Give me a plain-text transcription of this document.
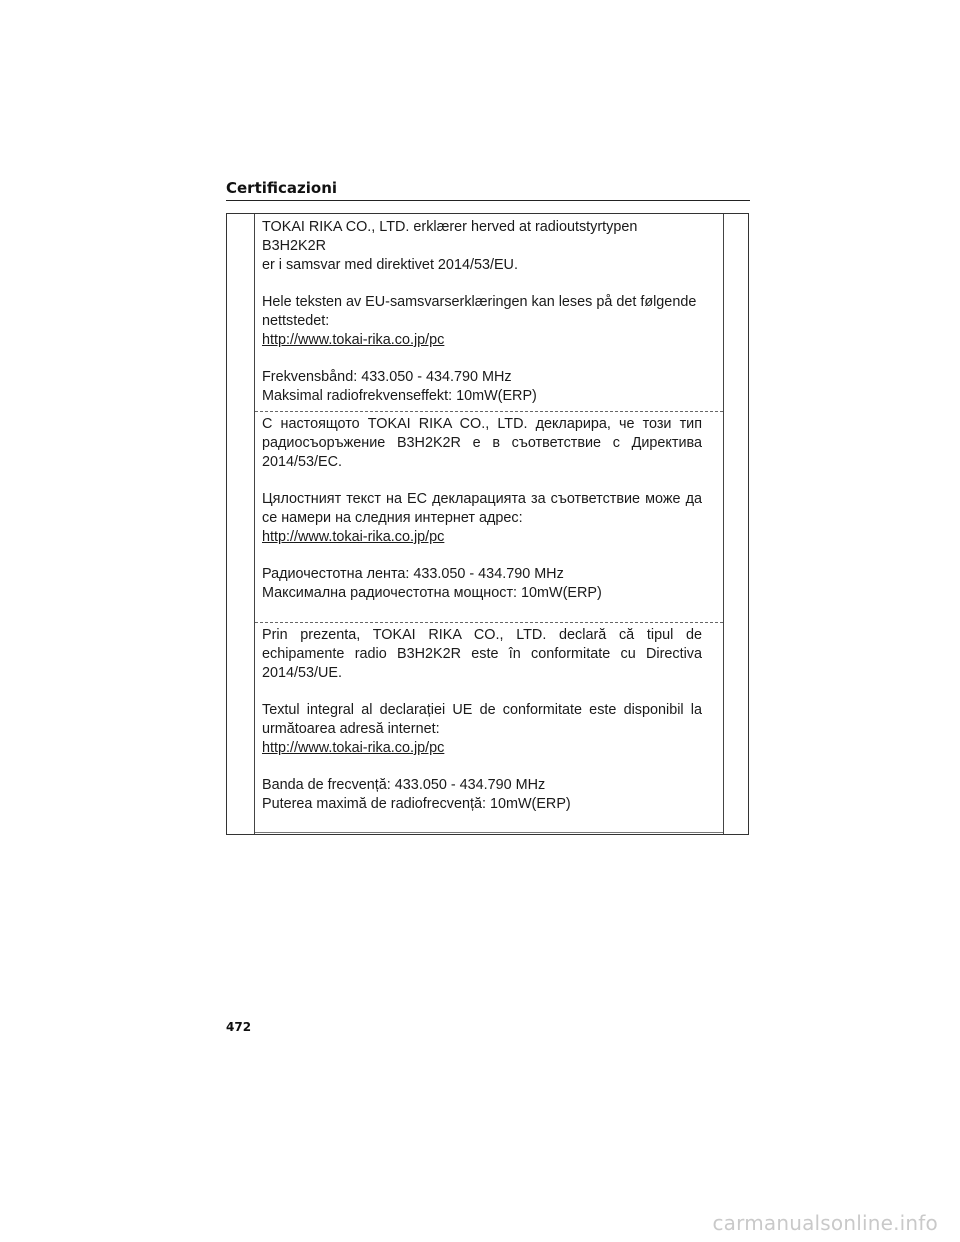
Certificazioni

TOKAI RIKA CO., LTD. erklærer herved at radioutstyrtypen B3H2K2R
er i samsvar med direktivet 2014/53/EU.

Hele teksten av EU-samsvarserklæringen kan leses på det følgende
nettstedet:
http://www.tokai-rika.co.jp/pc

Frekvensbånd: 433.050 - 434.790 MHz
Maksimal radiofrekvenseffekt: 10mW(ERP)

С настоящото TOKAI RIKA CO., LTD. декларира, че този тип
радиосъоръжение B3H2K2R е в съответствие с Директива
2014/53/ЕС.

Цялостният текст на ЕС декларацията за съответствие може да
се намери на следния интернет адрес:
http://www.tokai-rika.co.jp/pc

Радиочестотна лента: 433.050 - 434.790 MHz
Максимална радиочестотна мощност: 10mW(ERP)

Prin prezenta, TOKAI RIKA CO., LTD. declară că tipul de
echipamente radio B3H2K2R este în conformitate cu Directiva
2014/53/UE.

Textul integral al declarației UE de conformitate este disponibil la
următoarea adresă internet:
http://www.tokai-rika.co.jp/pc

Banda de frecvență: 433.050 - 434.790 MHz
Puterea maximă de radiofrecvență: 10mW(ERP)

472
carmanualsonline.info
